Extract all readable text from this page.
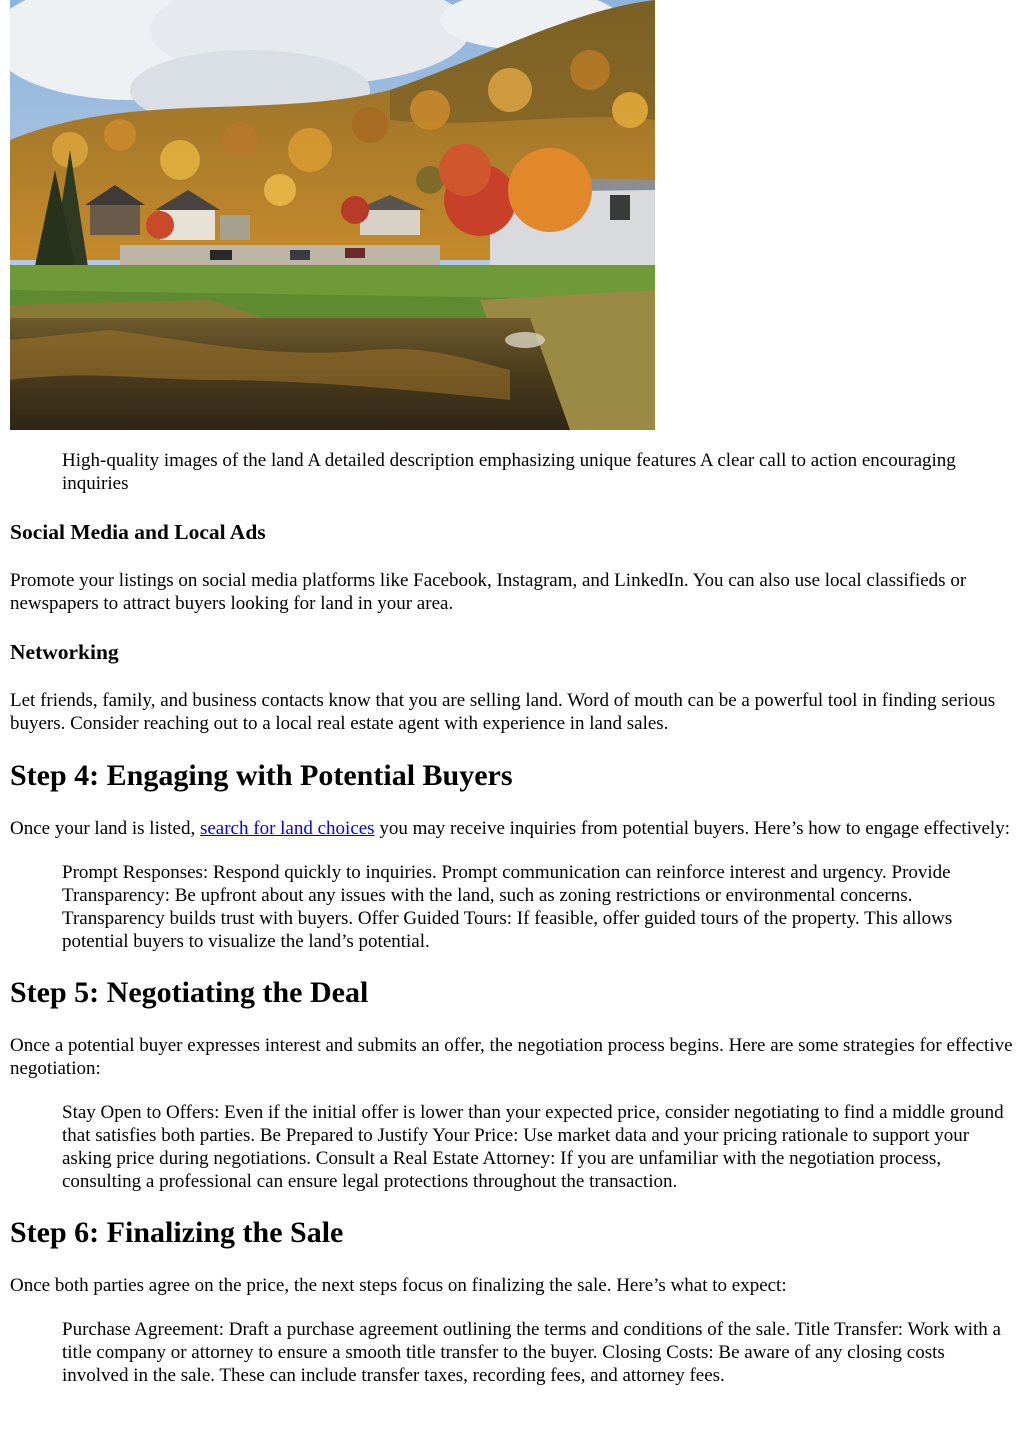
High-quality images of the land A detailed description emphasizing unique features A clear call to action encouraging inquiries
Social Media and Local Ads

Promote your listings on social media platforms like Facebook, Instagram, and LinkedIn. You can also use local classifieds or newspapers to attract buyers looking for land in your area.

Networking

Let friends, family, and business contacts know that you are selling land. Word of mouth can be a powerful tool in finding serious buyers. Consider reaching out to a local real estate agent with experience in land sales.

Step 4: Engaging with Potential Buyers

Once your land is listed, search for land choices you may receive inquiries from potential buyers. Here’s how to engage effectively:

Prompt Responses: Respond quickly to inquiries. Prompt communication can reinforce interest and urgency. Provide Transparency: Be upfront about any issues with the land, such as zoning restrictions or environmental concerns. Transparency builds trust with buyers. Offer Guided Tours: If feasible, offer guided tours of the property. This allows potential buyers to visualize the land’s potential.
Step 5: Negotiating the Deal

Once a potential buyer expresses interest and submits an offer, the negotiation process begins. Here are some strategies for effective negotiation:

Stay Open to Offers: Even if the initial offer is lower than your expected price, consider negotiating to find a middle ground that satisfies both parties. Be Prepared to Justify Your Price: Use market data and your pricing rationale to support your asking price during negotiations. Consult a Real Estate Attorney: If you are unfamiliar with the negotiation process, consulting a professional can ensure legal protections throughout the transaction.
Step 6: Finalizing the Sale

Once both parties agree on the price, the next steps focus on finalizing the sale. Here’s what to expect:

Purchase Agreement: Draft a purchase agreement outlining the terms and conditions of the sale. Title Transfer: Work with a title company or attorney to ensure a smooth title transfer to the buyer. Closing Costs: Be aware of any closing costs involved in the sale. These can include transfer taxes, recording fees, and attorney fees.
